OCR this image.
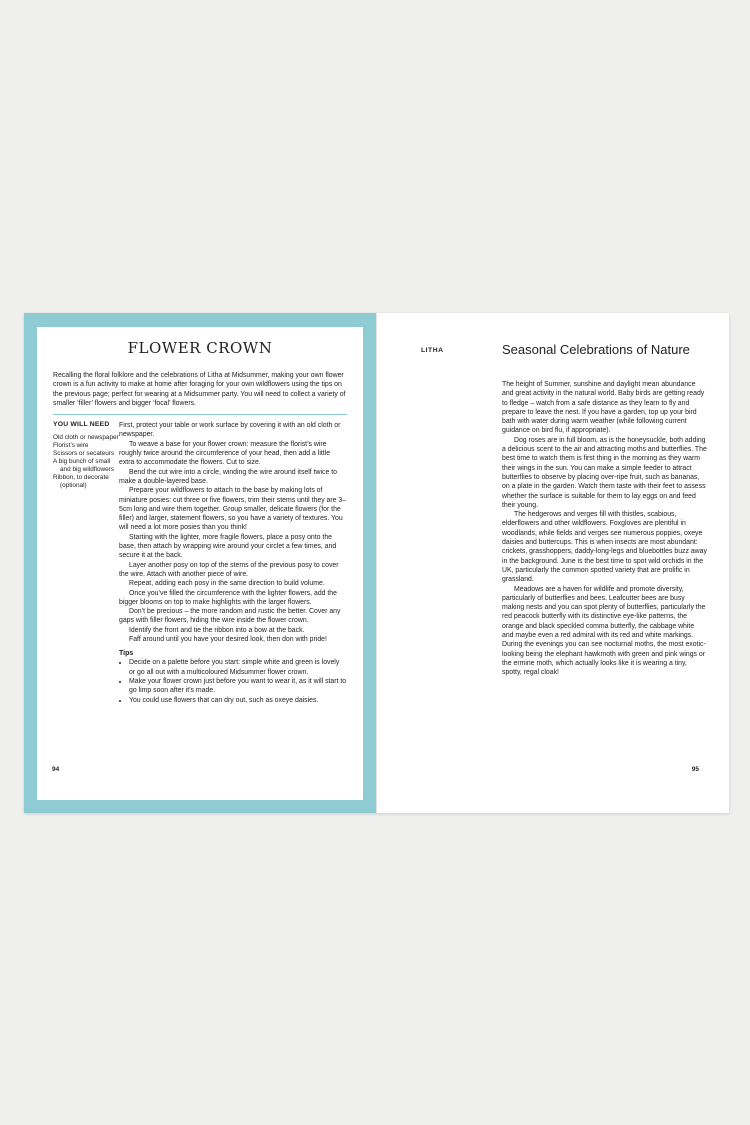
FLOWER CROWN

Recalling the floral folklore and the celebrations of Litha at Midsummer, making your own flower crown is a fun activity to make at home after foraging for your own wildflowers using the tips on the previous page; perfect for wearing at a Midsummer party. You will need to collect a variety of smaller ‘filler’ flowers and bigger ‘focal’ flowers.

YOU WILL NEED
Old cloth or newspaper
Florist’s wire
Scissors or secateurs
A big bunch of small and big wildflowers
Ribbon, to decorate (optional)

First, protect your table or work surface by covering it with an old cloth or newspaper.

To weave a base for your flower crown: measure the florist’s wire roughly twice around the circumference of your head, then add a little extra to accommodate the flowers. Cut to size.

Bend the cut wire into a circle, winding the wire around itself twice to make a double-layered base.

Prepare your wildflowers to attach to the base by making lots of miniature posies: cut three or five flowers, trim their stems until they are 3–5cm long and wire them together. Group smaller, delicate flowers (for the filler) and larger, statement flowers, so you have a variety of textures. You will need a lot more posies than you think!

Starting with the lighter, more fragile flowers, place a posy onto the base, then attach by wrapping wire around your circlet a few times, and secure it at the back.

Layer another posy on top of the stems of the previous posy to cover the wire. Attach with another piece of wire.

Repeat, adding each posy in the same direction to build volume.

Once you’ve filled the circumference with the lighter flowers, add the bigger blooms on top to make highlights with the larger flowers.

Don’t be precious – the more random and rustic the better. Cover any gaps with filler flowers, hiding the wire inside the flower crown.

Identify the front and tie the ribbon into a bow at the back.

Faff around until you have your desired look, then don with pride!

Tips
• Decide on a palette before you start: simple white and green is lovely or go all out with a multicoloured Midsummer flower crown.
• Make your flower crown just before you want to wear it, as it will start to go limp soon after it’s made.
• You could use flowers that can dry out, such as oxeye daisies.
94
LITHA	Seasonal Celebrations of Nature

The height of Summer, sunshine and daylight mean abundance and great activity in the natural world. Baby birds are getting ready to fledge – watch from a safe distance as they learn to fly and prepare to leave the nest. If you have a garden, top up your bird bath with water during warm weather (while following current guidance on bird flu, if appropriate).

Dog roses are in full bloom, as is the honeysuckle, both adding a delicious scent to the air and attracting moths and butterflies. The best time to watch them is first thing in the morning as they warm their wings in the sun. You can make a simple feeder to attract butterflies to observe by placing over-ripe fruit, such as bananas, on a plate in the garden. Watch them taste with their feet to assess whether the surface is suitable for them to lay eggs on and feed their young.

The hedgerows and verges fill with thistles, scabious, elderflowers and other wildflowers. Foxgloves are plentiful in woodlands, while fields and verges see numerous poppies, oxeye daisies and buttercups. This is when insects are most abundant: crickets, grasshoppers, daddy-long-legs and bluebottles buzz away in the background. June is the best time to spot wild orchids in the UK, particularly the common spotted variety that are prolific in grassland.

Meadows are a haven for wildlife and promote diversity, particularly of butterflies and bees. Leafcutter bees are busy making nests and you can spot plenty of butterflies, particularly the red peacock butterfly with its distinctive eye-like patterns, the orange and black speckled comma butterfly, the cabbage white and maybe even a red admiral with its red and white markings. During the evenings you can see nocturnal moths, the most exotic-looking being the elephant hawkmoth with green and pink wings or the ermine moth, which actually looks like it is wearing a tiny, spotty, regal cloak!

95
